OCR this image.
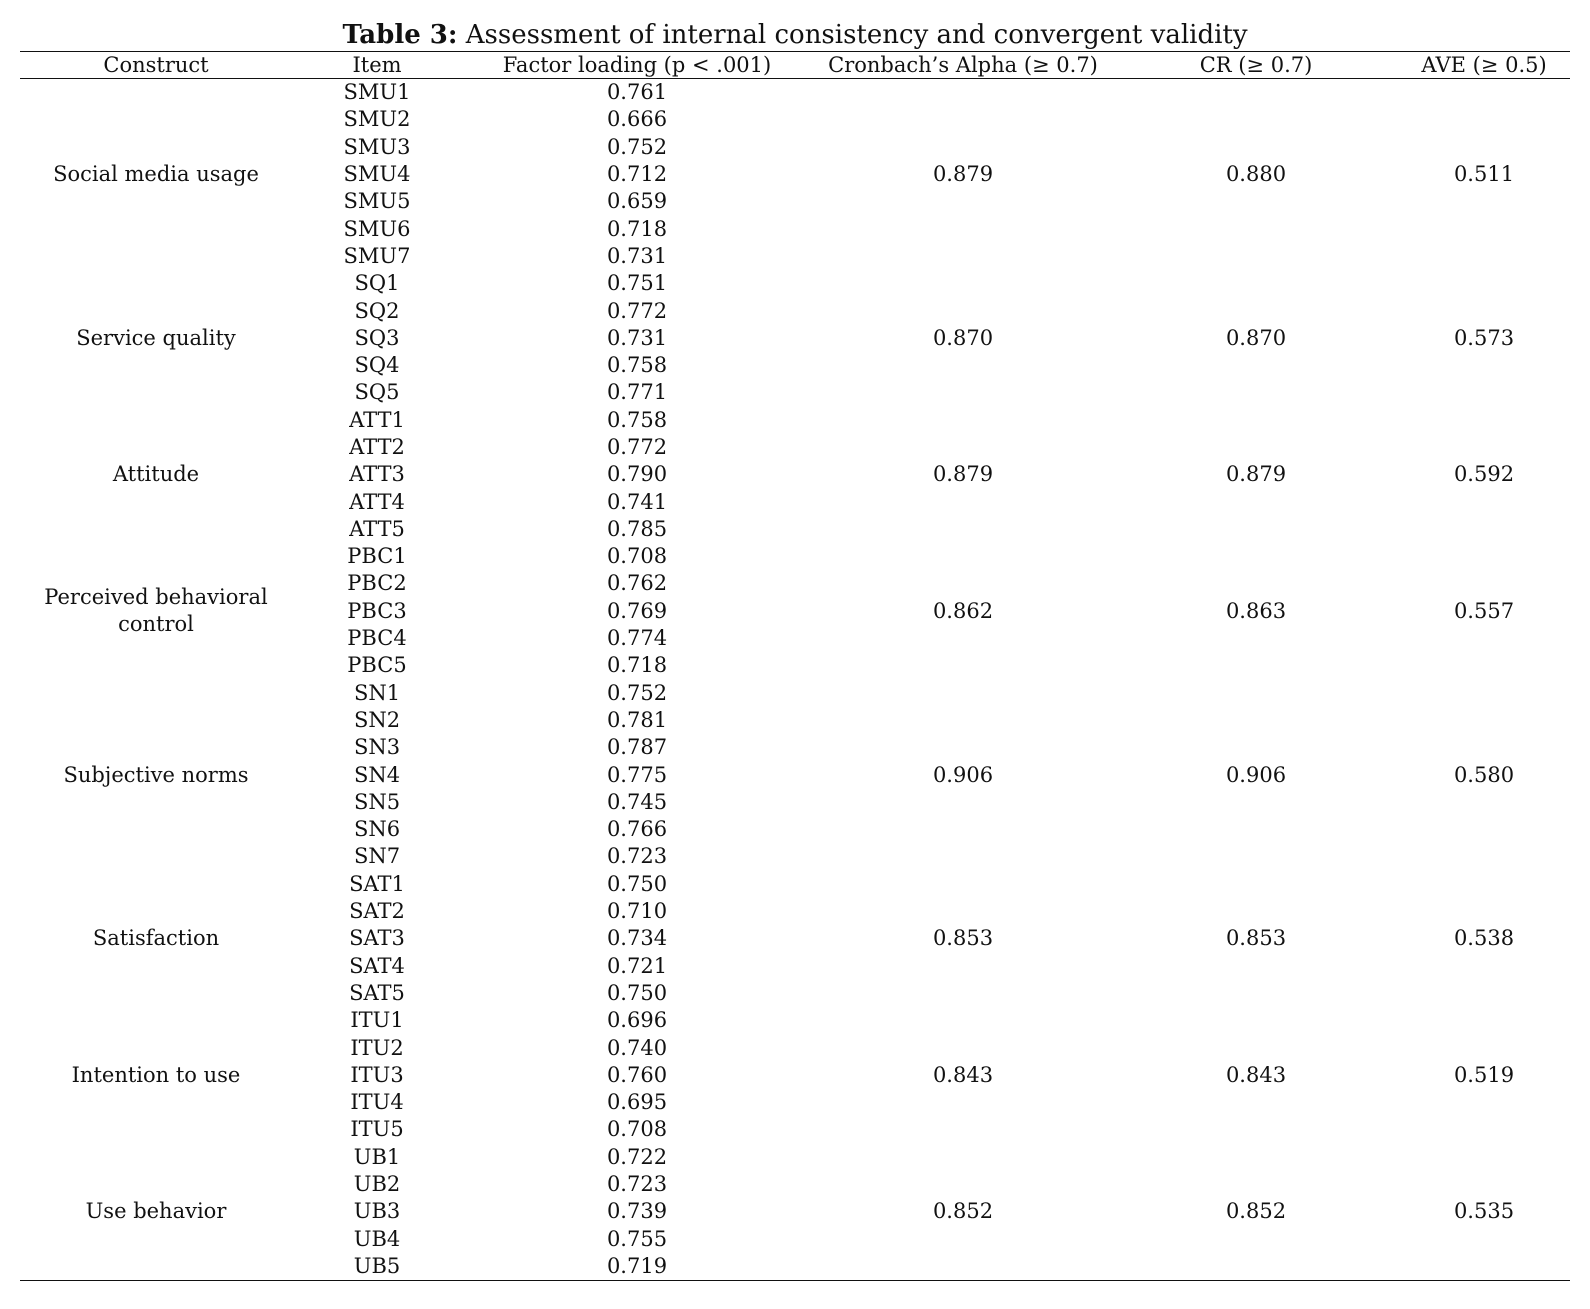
Table 3: Assessment of internal consistency and convergent validity
Construct	Item	Factor loading (p < .001)	Cronbach’s Alpha (≥ 0.7)	CR (≥ 0.7)	AVE (≥ 0.5)
Social media usage	SMU1	0.761	0.879	0.880	0.511
	SMU2	0.666			
	SMU3	0.752			
	SMU4	0.712			
	SMU5	0.659			
	SMU6	0.718			
	SMU7	0.731			
Service quality	SQ1	0.751	0.870	0.870	0.573
	SQ2	0.772			
	SQ3	0.731			
	SQ4	0.758			
	SQ5	0.771			
Attitude	ATT1	0.758	0.879	0.879	0.592
	ATT2	0.772			
	ATT3	0.790			
	ATT4	0.741			
	ATT5	0.785			
Perceived behavioral control	PBC1	0.708	0.862	0.863	0.557
	PBC2	0.762			
	PBC3	0.769			
	PBC4	0.774			
	PBC5	0.718			
Subjective norms	SN1	0.752	0.906	0.906	0.580
	SN2	0.781			
	SN3	0.787			
	SN4	0.775			
	SN5	0.745			
	SN6	0.766			
	SN7	0.723			
Satisfaction	SAT1	0.750	0.853	0.853	0.538
	SAT2	0.710			
	SAT3	0.734			
	SAT4	0.721			
	SAT5	0.750			
Intention to use	ITU1	0.696	0.843	0.843	0.519
	ITU2	0.740			
	ITU3	0.760			
	ITU4	0.695			
	ITU5	0.708			
Use behavior	UB1	0.722	0.852	0.852	0.535
	UB2	0.723			
	UB3	0.739			
	UB4	0.755			
	UB5	0.719			
